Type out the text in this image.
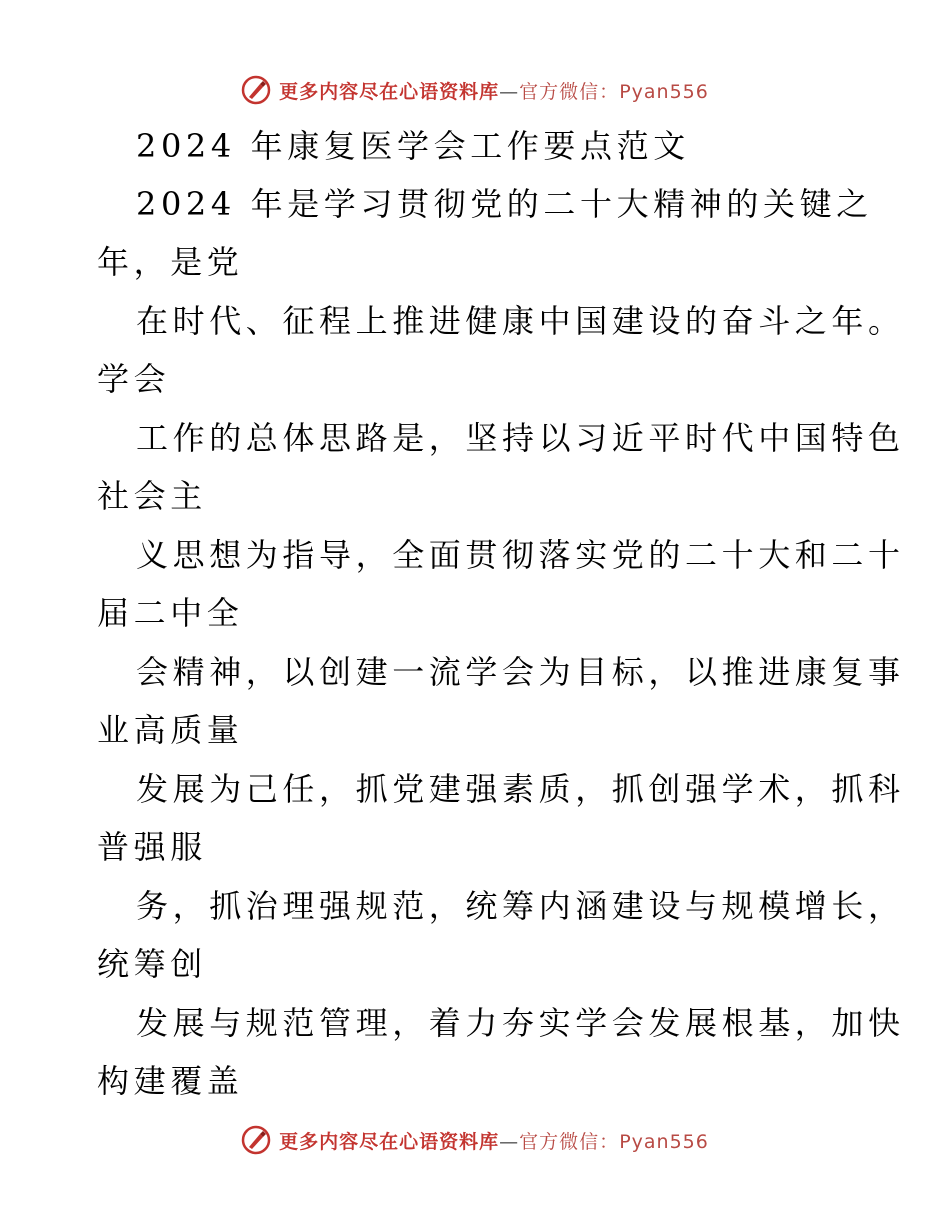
更多内容尽在心语资料库—官方微信：Pyan556
2024 年康复医学会工作要点范文
2024 年是学习贯彻党的二十大精神的关键之
年，是党
在时代、征程上推进健康中国建设的奋斗之年。
学会
工作的总体思路是，坚持以习近平时代中国特色
社会主
义思想为指导，全面贯彻落实党的二十大和二十
届二中全
会精神，以创建一流学会为目标，以推进康复事
业高质量
发展为己任，抓党建强素质，抓创强学术，抓科
普强服
务，抓治理强规范，统筹内涵建设与规模增长，
统筹创
发展与规范管理，着力夯实学会发展根基，加快
构建覆盖
更多内容尽在心语资料库—官方微信：Pyan556
